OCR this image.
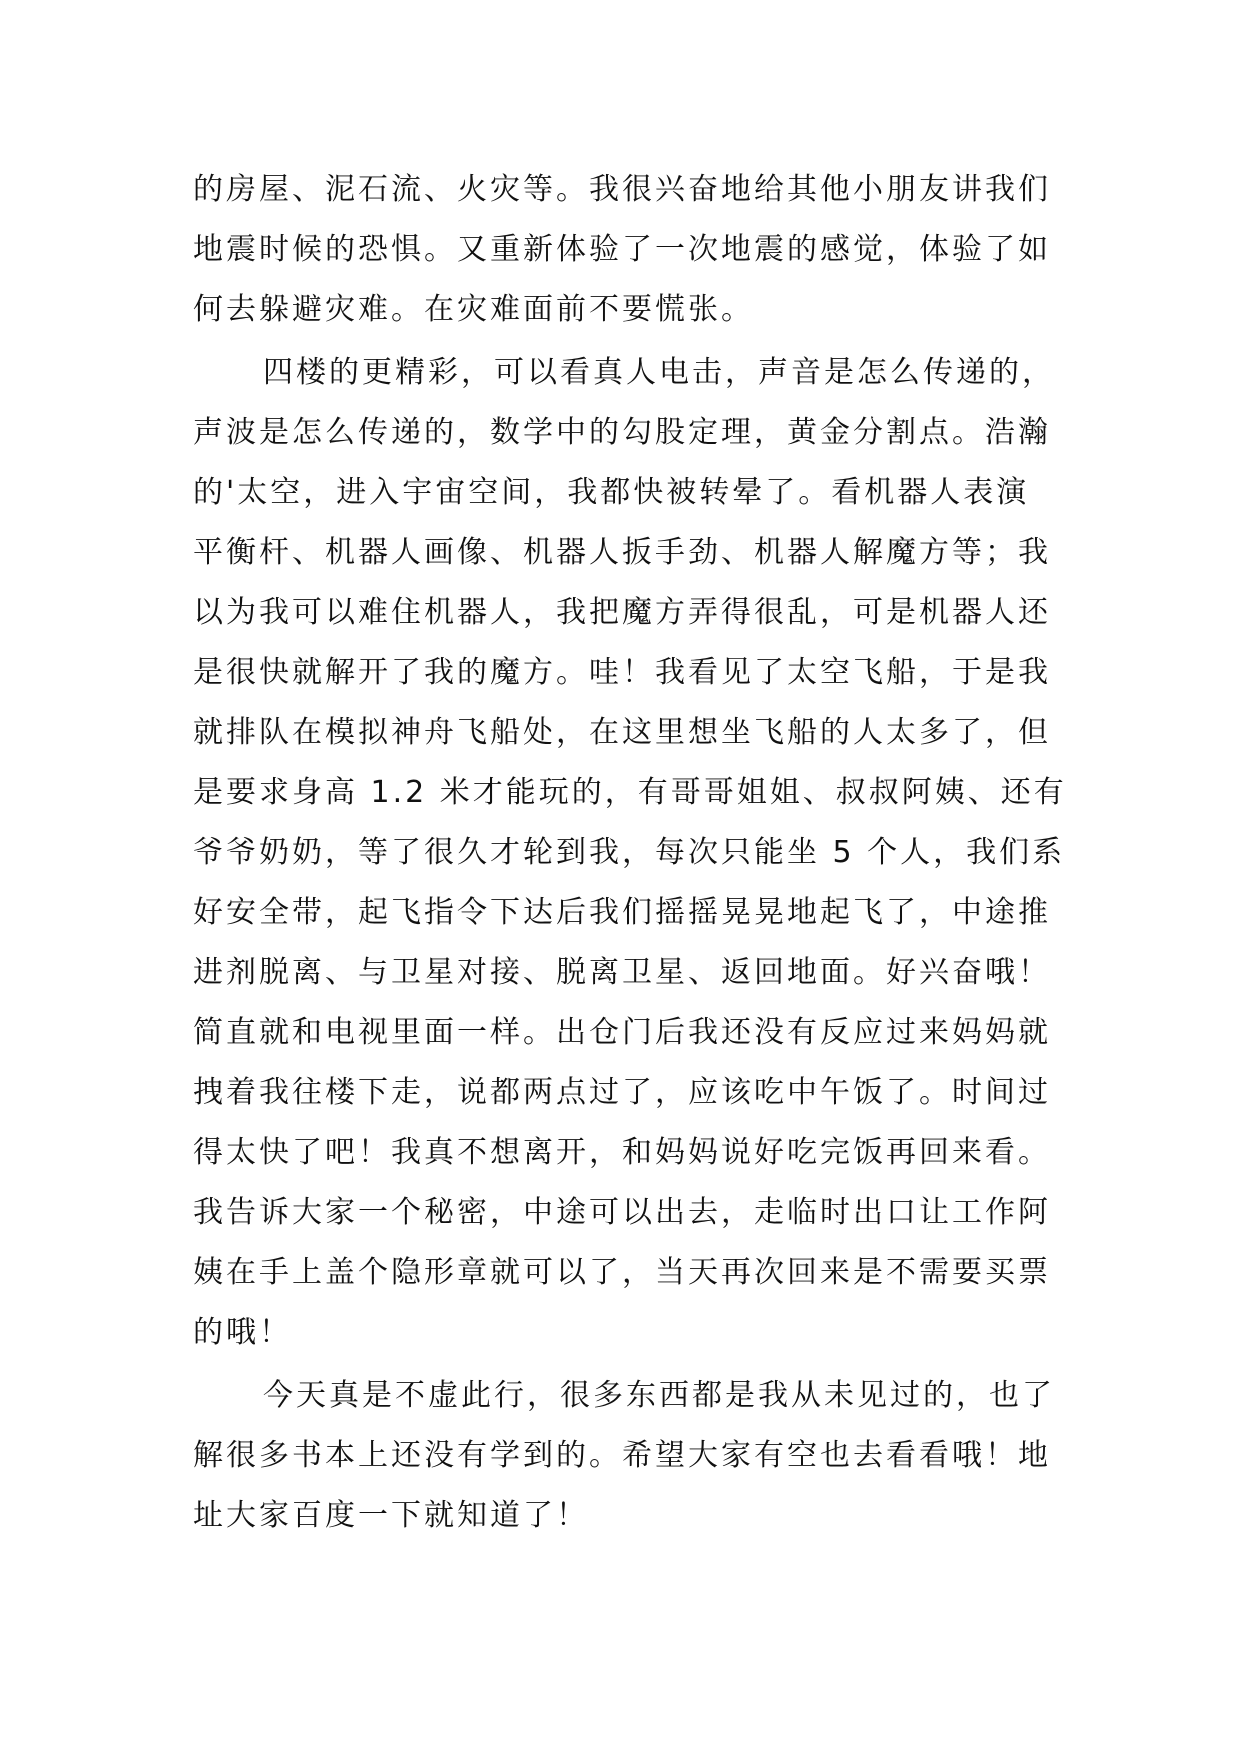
的房屋、泥石流、火灾等。我很兴奋地给其他小朋友讲我们
地震时候的恐惧。又重新体验了一次地震的感觉，体验了如
何去躲避灾难。在灾难面前不要慌张。
四楼的更精彩，可以看真人电击，声音是怎么传递的，
声波是怎么传递的，数学中的勾股定理，黄金分割点。浩瀚
的'太空，进入宇宙空间，我都快被转晕了。看机器人表演
平衡杆、机器人画像、机器人扳手劲、机器人解魔方等；我
以为我可以难住机器人，我把魔方弄得很乱，可是机器人还
是很快就解开了我的魔方。哇！我看见了太空飞船，于是我
就排队在模拟神舟飞船处，在这里想坐飞船的人太多了，但
是要求身高 1.2 米才能玩的，有哥哥姐姐、叔叔阿姨、还有
爷爷奶奶，等了很久才轮到我，每次只能坐 5 个人，我们系
好安全带，起飞指令下达后我们摇摇晃晃地起飞了，中途推
进剂脱离、与卫星对接、脱离卫星、返回地面。好兴奋哦！
简直就和电视里面一样。出仓门后我还没有反应过来妈妈就
拽着我往楼下走，说都两点过了，应该吃中午饭了。时间过
得太快了吧！我真不想离开，和妈妈说好吃完饭再回来看。
我告诉大家一个秘密，中途可以出去，走临时出口让工作阿
姨在手上盖个隐形章就可以了，当天再次回来是不需要买票
的哦！
今天真是不虚此行，很多东西都是我从未见过的，也了
解很多书本上还没有学到的。希望大家有空也去看看哦！地
址大家百度一下就知道了！
